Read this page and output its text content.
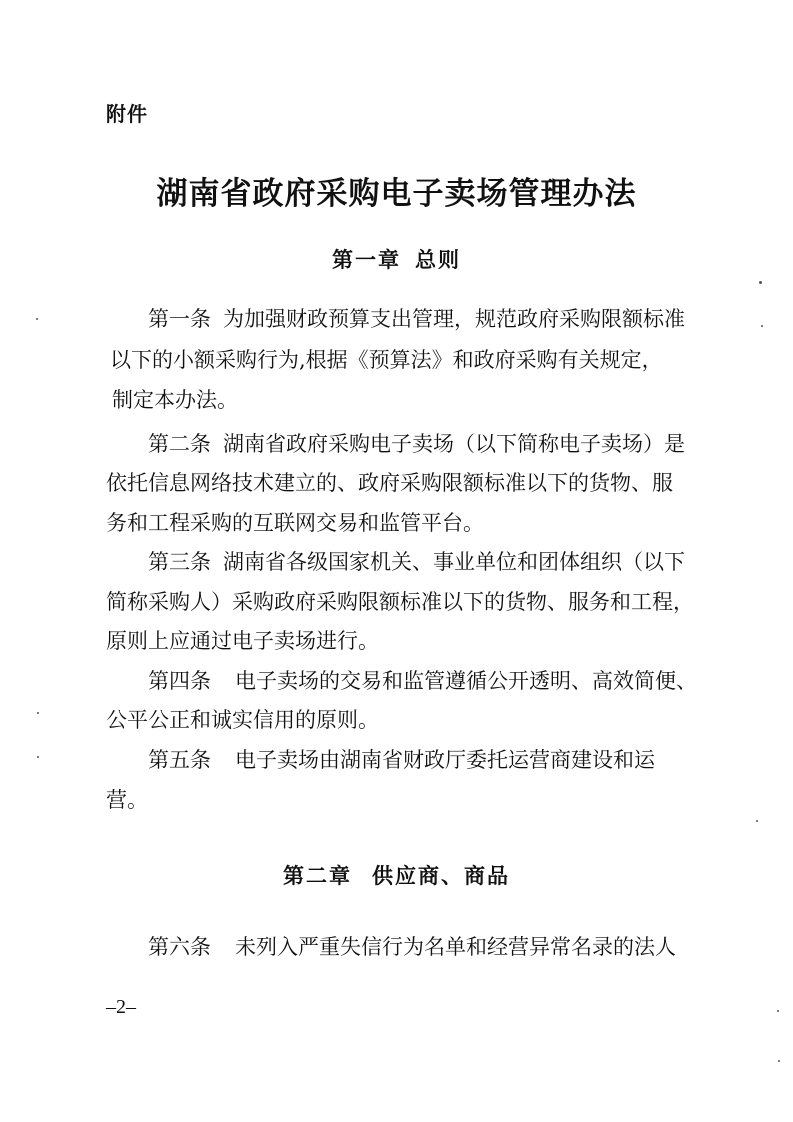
附件
湖南省政府采购电子卖场管理办法
第一章 总则
第一条 为加强财政预算支出管理，规范政府采购限额标准
以下的小额采购行为,根据《预算法》和政府采购有关规定，
制定本办法。
第二条 湖南省政府采购电子卖场（以下简称电子卖场）是
依托信息网络技术建立的、政府采购限额标准以下的货物、服
务和工程采购的互联网交易和监管平台。
第三条 湖南省各级国家机关、事业单位和团体组织（以下
简称采购人）采购政府采购限额标准以下的货物、服务和工程，
原则上应通过电子卖场进行。
第四条 电子卖场的交易和监管遵循公开透明、高效简便、
公平公正和诚实信用的原则。
第五条 电子卖场由湖南省财政厅委托运营商建设和运
营。
第二章 供应商、商品
第六条 未列入严重失信行为名单和经营异常名录的法人
–2–
